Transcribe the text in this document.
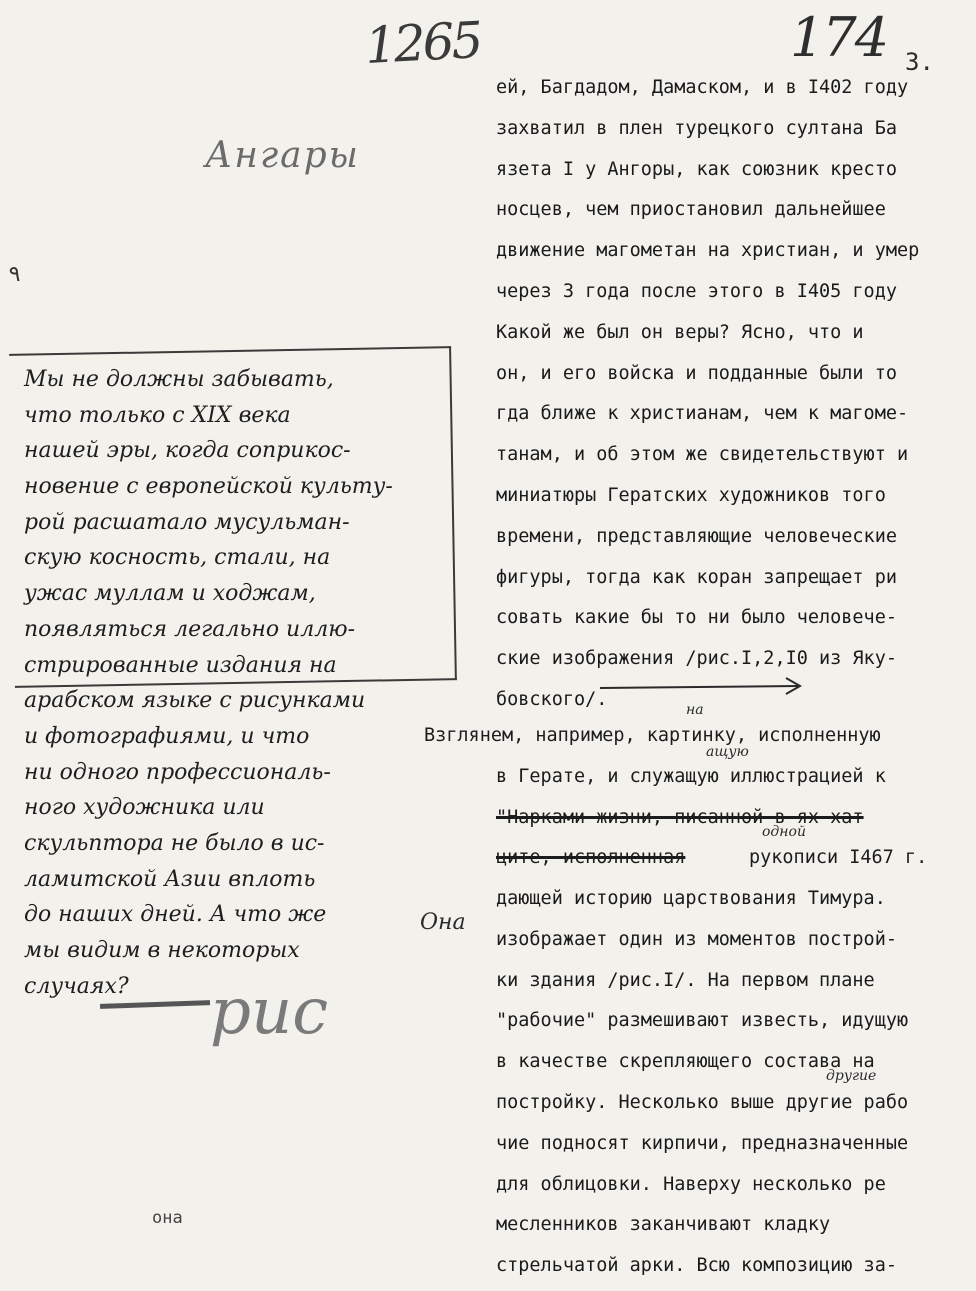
1265	174 3.
Ангары
٩
Мы не должны забывать,
что только с XIX века
нашей эры, когда соприкос-
новение с европейской культу-
рой расшатало мусульман-
скую косность, стали, на
ужас муллам и ходжам,
появляться легально иллю-
стрированные издания на
арабском языке с рисунками
и фотографиями, и что
ни одного профессиональ-
ного художника или
скульптора не было в ис-
ламитской Азии вплоть
до наших дней. А что же
мы видим в некоторых
случаях?
Она
рис
она
ей, Багдадом, Дамаском, и в I402 году
захватил в плен турецкого султана Ба
язета I у Ангоры, как союзник кресто
носцев, чем приостановил дальнейшее
движение магометан на христиан, и умер
через 3 года после этого в I405 году
Какой же был он веры? Ясно, что и
он, и его войска и подданные были то
гда ближе к христианам, чем к магоме-
танам, и об этом же свидетельствуют и
миниатюры Гератских художников того
времени, представляющие человеческие
фигуры, тогда как коран запрещает ри
совать какие бы то ни было человече-
ские изображения /рис.I,2,I0 из Яку-
бовского/.
Взглянем, например, картинку, исполненную
в Герате, и служащую иллюстрацией к
"Нарками жизни, писанной в ях хат
ците, исполненная	рукописи I467 г.
дающей историю царствования Тимура.
изображает один из моментов построй-
ки здания /рис.I/. На первом плане
"рабочие" размешивают известь, идущую
в качестве скрепляющего состава на
постройку. Несколько выше другие рабо
чие подносят кирпичи, предназначенные
для облицовки. Наверху несколько ре
месленников заканчивают кладку
стрельчатой арки. Всю композицию за-
на
ащую
одной
другие
